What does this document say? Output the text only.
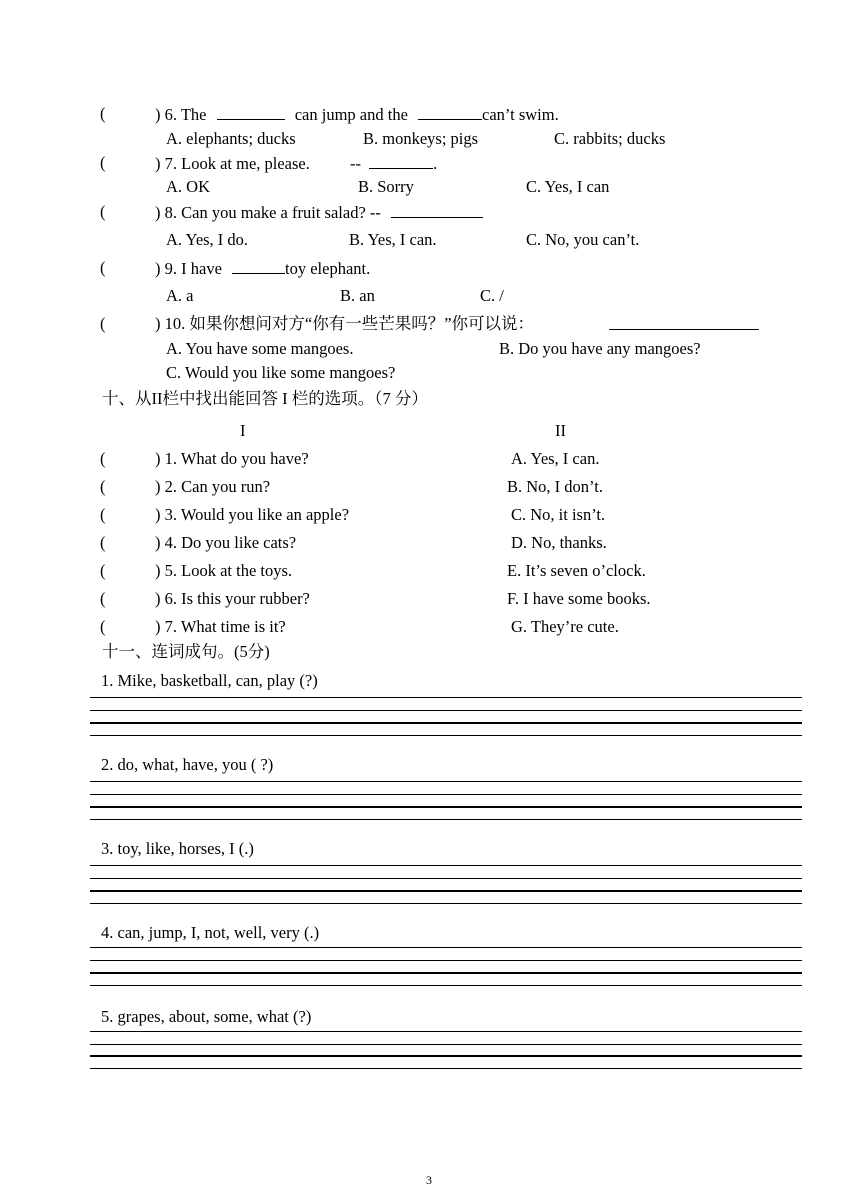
(	) 6. The	can jump and the	can’t swim.
A. elephants; ducks	B. monkeys; pigs	C. rabbits; ducks
(	) 7. Look at me, please. --	.
A. OK	B. Sorry	C. Yes, I can
(	) 8. Can you make a fruit salad? --
A. Yes, I do.	B. Yes, I can.	C. No, you can’t.
(	) 9. I have	toy elephant.
A. a	B. an	C. /
(	) 10. 如果你想问对方“你有一些芒果吗？”你可以说：
A. You have some mangoes.	B. Do you have any mangoes?
C. Would you like some mangoes?
十、从II栏中找出能回答 I 栏的选项。（7 分）
I	II
(	) 1. What do you have?	A. Yes, I can.
(	) 2. Can you run?	B. No, I don’t.
(	) 3. Would you like an apple?	C. No, it isn’t.
(	) 4. Do you like cats?	D. No, thanks.
(	) 5. Look at the toys.	E. It’s seven o’clock.
(	) 6. Is this your rubber?	F. I have some books.
(	) 7. What time is it?	G. They’re cute.
十一、连词成句。(5分)
1. Mike, basketball, can, play (?)
2. do, what, have, you ( ?)
3. toy, like, horses, I (.)
4. can, jump, I, not, well, very (.)
5. grapes, about, some, what (?)
3
